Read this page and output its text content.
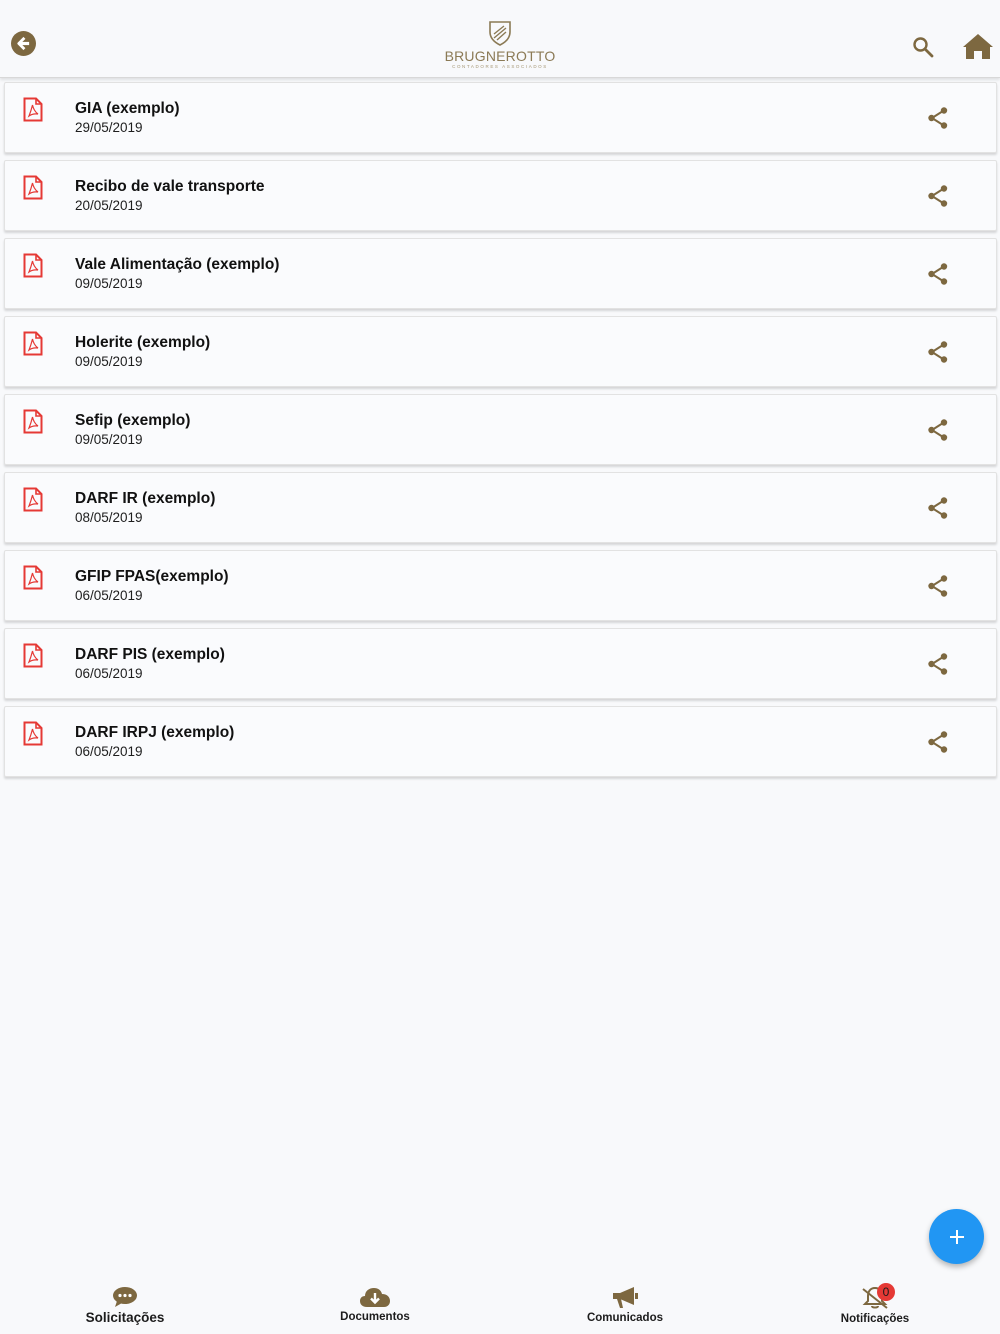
BRUGNEROTTO
CONTADORES ASSOCIADOS
GIA (exemplo)
29/05/2019
Recibo de vale transporte
20/05/2019
Vale Alimentação (exemplo)
09/05/2019
Holerite (exemplo)
09/05/2019
Sefip (exemplo)
09/05/2019
DARF IR (exemplo)
08/05/2019
GFIP FPAS(exemplo)
06/05/2019
DARF PIS (exemplo)
06/05/2019
DARF IRPJ (exemplo)
06/05/2019
Solicitações	Documentos	Comunicados	Notificações
0
